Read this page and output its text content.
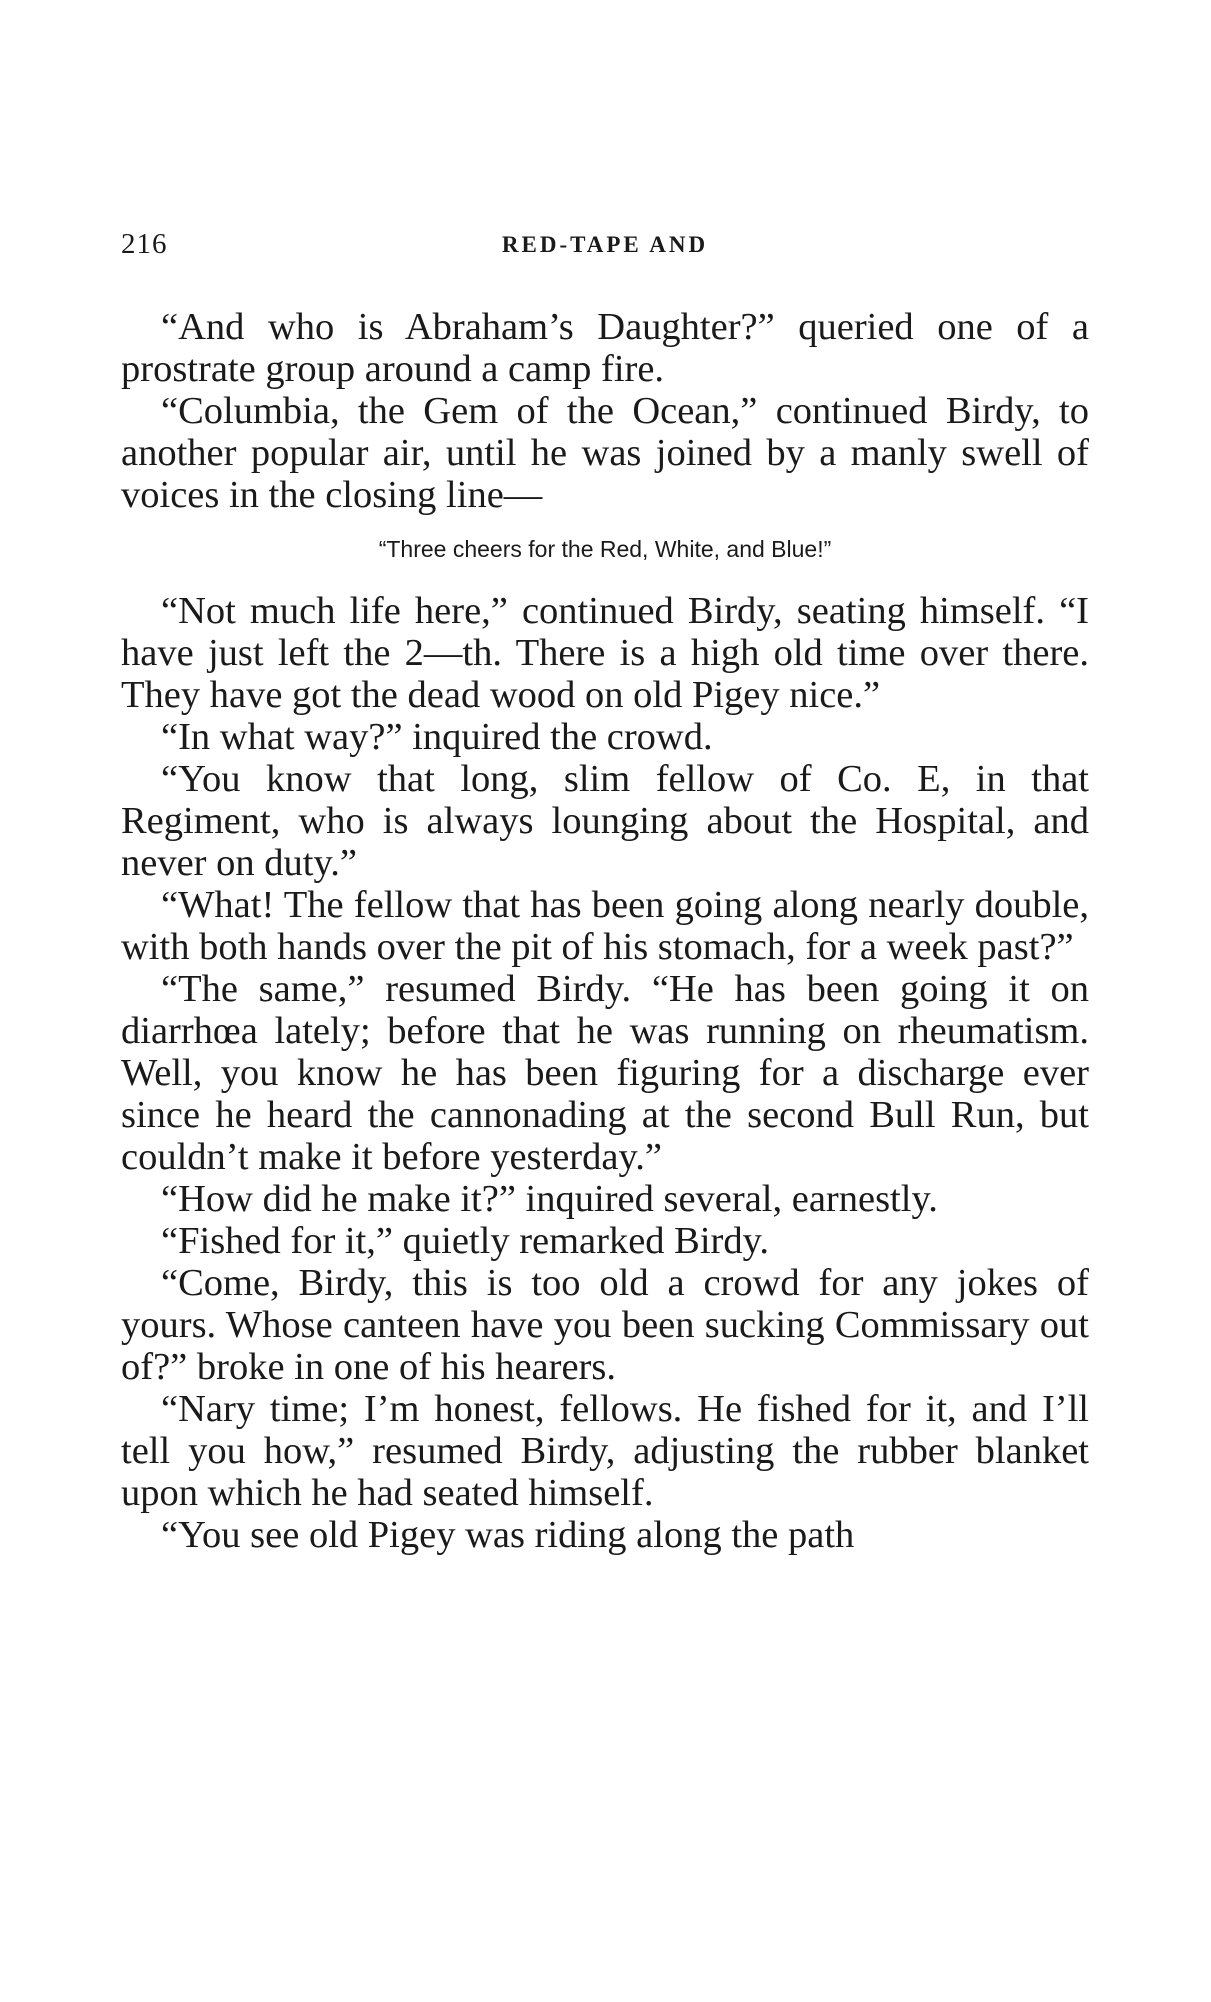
216	RED-TAPE AND

“And who is Abraham’s Daughter?” queried one of a prostrate group around a camp fire.

“Columbia, the Gem of the Ocean,” continued Birdy, to another popular air, until he was joined by a manly swell of voices in the closing line—

“Three cheers for the Red, White, and Blue!”

“Not much life here,” continued Birdy, seating himself. “I have just left the 2—th. There is a high old time over there. They have got the dead wood on old Pigey nice.”

“In what way?” inquired the crowd.

“You know that long, slim fellow of Co. E, in that Regiment, who is always lounging about the Hospital, and never on duty.”

“What! The fellow that has been going along nearly double, with both hands over the pit of his stomach, for a week past?”

“The same,” resumed Birdy. “He has been going it on diarrhœa lately; before that he was running on rheumatism. Well, you know he has been figuring for a discharge ever since he heard the cannonading at the second Bull Run, but couldn’t make it before yesterday.”

“How did he make it?” inquired several, earnestly.

“Fished for it,” quietly remarked Birdy.

“Come, Birdy, this is too old a crowd for any jokes of yours. Whose canteen have you been sucking Commissary out of?” broke in one of his hearers.

“Nary time; I’m honest, fellows. He fished for it, and I’ll tell you how,” resumed Birdy, adjusting the rubber blanket upon which he had seated himself.

“You see old Pigey was riding along the path
